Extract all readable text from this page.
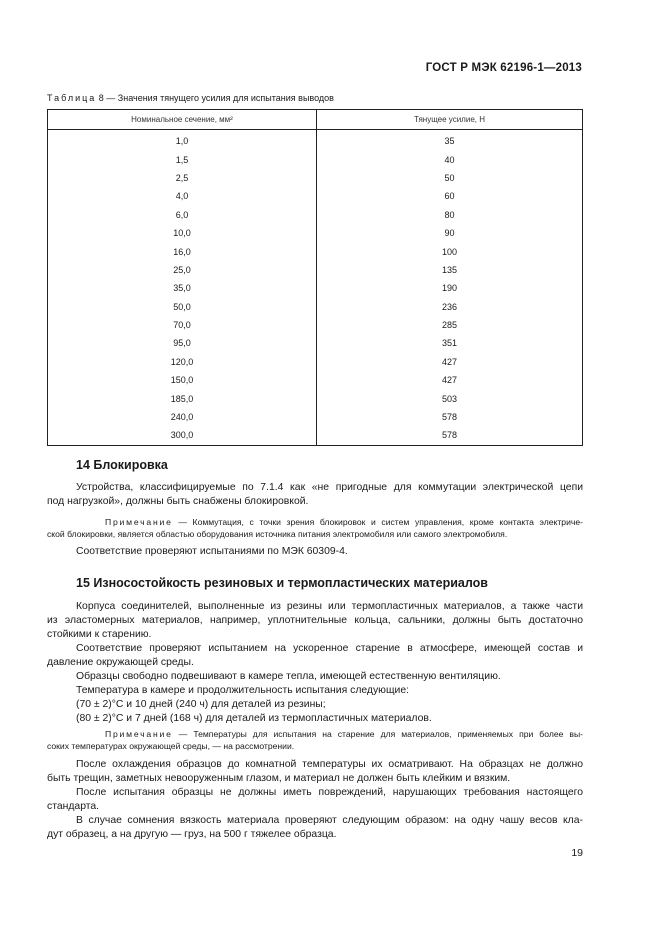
ГОСТ Р МЭК 62196-1—2013
Таблица 8 — Значения тянущего усилия для испытания выводов
Номинальное сечение, мм²	Тянущее усилие, Н
1,0	35
1,5	40
2,5	50
4,0	60
6,0	80
10,0	90
16,0	100
25,0	135
35,0	190
50,0	236
70,0	285
95,0	351
120,0	427
150,0	427
185,0	503
240,0	578
300,0	578
14 Блокировка
Устройства, классифицируемые по 7.1.4 как «не пригодные для коммутации электрической цепи
под нагрузкой», должны быть снабжены блокировкой.
Примечание — Коммутация, с точки зрения блокировок и систем управления, кроме контакта электриче-
ской блокировки, является областью оборудования источника питания электромобиля или самого электромобиля.
Соответствие проверяют испытаниями по МЭК 60309-4.
15 Износостойкость резиновых и термопластических материалов
Корпуса соединителей, выполненные из резины или термопластичных материалов, а также части
из эластомерных материалов, например, уплотнительные кольца, сальники, должны быть достаточно
стойкими к старению.
Соответствие проверяют испытанием на ускоренное старение в атмосфере, имеющей состав и
давление окружающей среды.
Образцы свободно подвешивают в камере тепла, имеющей естественную вентиляцию.
Температура в камере и продолжительность испытания следующие:
(70 ± 2)°С и 10 дней (240 ч) для деталей из резины;
(80 ± 2)°С и 7 дней (168 ч) для деталей из термопластичных материалов.
Примечание — Температуры для испытания на старение для материалов, применяемых при более вы-
соких температурах окружающей среды, — на рассмотрении.
После охлаждения образцов до комнатной температуры их осматривают. На образцах не должно
быть трещин, заметных невооруженным глазом, и материал не должен быть клейким и вязким.
После испытания образцы не должны иметь повреждений, нарушающих требования настоящего
стандарта.
В случае сомнения вязкость материала проверяют следующим образом: на одну чашу весов кла-
дут образец, а на другую — груз, на 500 г тяжелее образца.
19
